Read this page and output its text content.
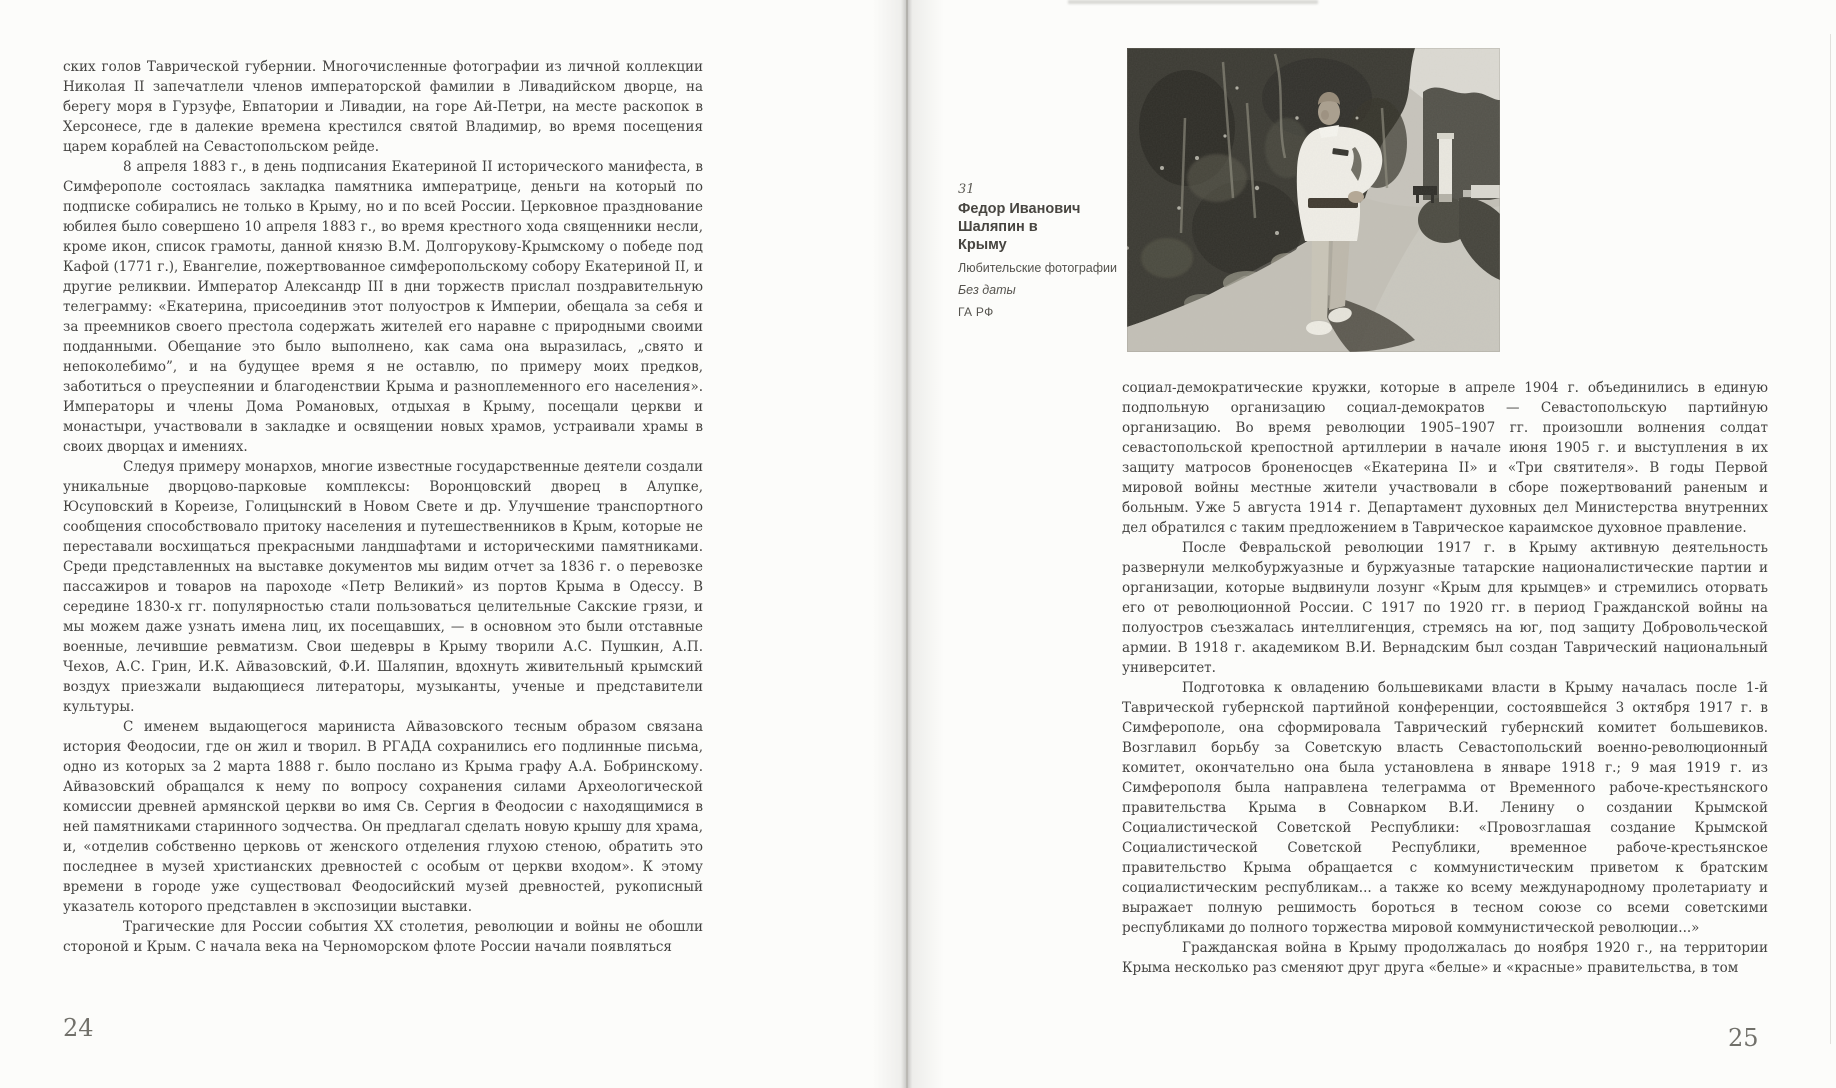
ских голов Таврической губернии. Многочисленные фотографии из личной коллекции Николая II запечатлели членов императорской фамилии в Ливадийском дворце, на берегу моря в Гурзуфе, Евпатории и Ливадии, на горе Ай-Петри, на месте раскопок в Херсонесе, где в далекие времена крестился святой Владимир, во время посещения царем кораблей на Севастопольском рейде.

8 апреля 1883 г., в день подписания Екатериной II исторического манифеста, в Симферополе состоялась закладка памятника императрице, деньги на который по подписке собирались не только в Крыму, но и по всей России. Церковное празднование юбилея было совершено 10 апреля 1883 г., во время крестного хода священники несли, кроме икон, список грамоты, данной князю В.М. Долгорукову-Крымскому о победе под Кафой (1771 г.), Евангелие, пожертвованное симферопольскому собору Екатериной II, и другие реликвии. Император Александр III в дни торжеств прислал поздравительную телеграмму: «Екатерина, присоединив этот полуостров к Империи, обещала за себя и за преемников своего престола содержать жителей его наравне с природными своими подданными. Обещание это было выполнено, как сама она выразилась, „свято и непоколебимо”, и на будущее время я не оставлю, по примеру моих предков, заботиться о преуспеянии и благоденствии Крыма и разноплеменного его населения». Императоры и члены Дома Романовых, отдыхая в Крыму, посещали церкви и монастыри, участвовали в закладке и освящении новых храмов, устраивали храмы в своих дворцах и имениях.

Следуя примеру монархов, многие известные государственные деятели создали уникальные дворцово-парковые комплексы: Воронцовский дворец в Алупке, Юсуповский в Кореизе, Голицынский в Новом Свете и др. Улучшение транспортного сообщения способствовало притоку населения и путешественников в Крым, которые не переставали восхищаться прекрасными ландшафтами и историческими памятниками. Среди представленных на выставке документов мы видим отчет за 1836 г. о перевозке пассажиров и товаров на пароходе «Петр Великий» из портов Крыма в Одессу. В середине 1830-х гг. популярностью стали пользоваться целительные Сакские грязи, и мы можем даже узнать имена лиц, их посещавших, — в основном это были отставные военные, лечившие ревматизм. Свои шедевры в Крыму творили А.С. Пушкин, А.П. Чехов, А.С. Грин, И.К. Айвазовский, Ф.И. Шаляпин, вдохнуть живительный крымский воздух приезжали выдающиеся литераторы, музыканты, ученые и представители культуры.

С именем выдающегося мариниста Айвазовского тесным образом связана история Феодосии, где он жил и творил. В РГАДА сохранились его подлинные письма, одно из которых за 2 марта 1888 г. было послано из Крыма графу А.А. Бобринскому. Айвазовский обращался к нему по вопросу сохранения силами Археологической комиссии древней армянской церкви во имя Св. Сергия в Феодосии с находящимися в ней памятниками старинного зодчества. Он предлагал сделать новую крышу для храма, и, «отделив собственно церковь от женского отделения глухою стеною, обратить это последнее в музей христианских древностей с особым от церкви входом». К этому времени в городе уже существовал Феодосийский музей древностей, рукописный указатель которого представлен в экспозиции выставки.

Трагические для России события XX столетия, революции и войны не обошли стороной и Крым. С начала века на Черноморском флоте России начали появляться

24
31
Федор Иванович Шаляпин в Крыму
Любительские фотографии
Без даты
ГА РФ

социал-демократические кружки, которые в апреле 1904 г. объединились в единую подпольную организацию социал-демократов — Севастопольскую партийную организацию. Во время революции 1905–1907 гг. произошли волнения солдат севастопольской крепостной артиллерии в начале июня 1905 г. и выступления в их защиту матросов броненосцев «Екатерина II» и «Три святителя». В годы Первой мировой войны местные жители участвовали в сборе пожертвований раненым и больным. Уже 5 августа 1914 г. Департамент духовных дел Министерства внутренних дел обратился с таким предложением в Таврическое караимское духовное правление.

После Февральской революции 1917 г. в Крыму активную деятельность развернули мелкобуржуазные и буржуазные татарские националистические партии и организации, которые выдвинули лозунг «Крым для крымцев» и стремились оторвать его от революционной России. С 1917 по 1920 гг. в период Гражданской войны на полуостров съезжалась интеллигенция, стремясь на юг, под защиту Добровольческой армии. В 1918 г. академиком В.И. Вернадским был создан Таврический национальный университет.

Подготовка к овладению большевиками власти в Крыму началась после 1-й Таврической губернской партийной конференции, состоявшейся 3 октября 1917 г. в Симферополе, она сформировала Таврический губернский комитет большевиков. Возглавил борьбу за Советскую власть Севастопольский военно-революционный комитет, окончательно она была установлена в январе 1918 г.; 9 мая 1919 г. из Симферополя была направлена телеграмма от Временного рабоче-крестьянского правительства Крыма в Совнарком В.И. Ленину о создании Крымской Социалистической Советской Республики: «Провозглашая создание Крымской Социалистической Советской Республики, временное рабоче-крестьянское правительство Крыма обращается с коммунистическим приветом к братским социалистическим республикам... а также ко всему международному пролетариату и выражает полную решимость бороться в тесном союзе со всеми советскими республиками до полного торжества мировой коммунистической революции...»

Гражданская война в Крыму продолжалась до ноября 1920 г., на территории Крыма несколько раз сменяют друг друга «белые» и «красные» правительства, в том

25
